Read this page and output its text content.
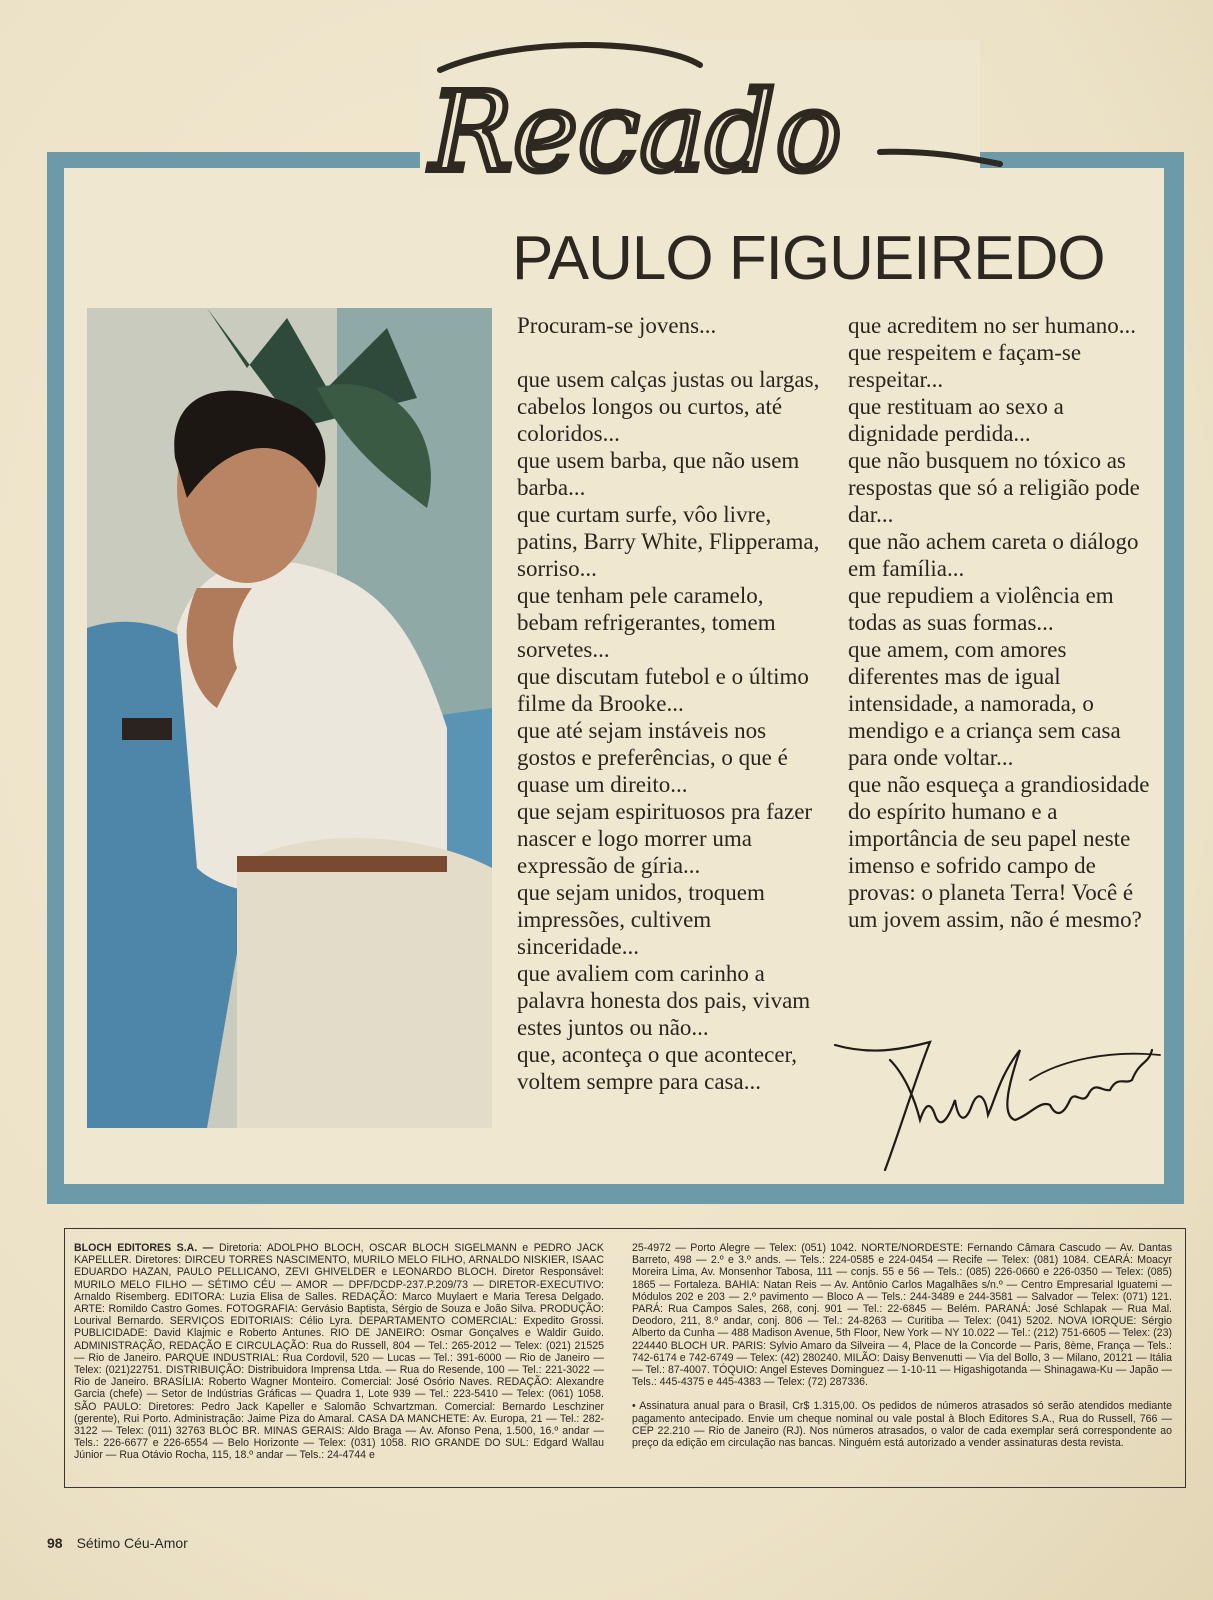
Recado
PAULO FIGUEIREDO

Procuram-se jovens...

que usem calças justas ou largas, cabelos longos ou curtos, até coloridos...

que usem barba, que não usem barba...

que curtam surfe, vôo livre, patins, Barry White, Flipperama, sorriso...

que tenham pele caramelo, bebam refrigerantes, tomem sorvetes...

que discutam futebol e o último filme da Brooke...

que até sejam instáveis nos gostos e preferências, o que é quase um direito...

que sejam espirituosos pra fazer nascer e logo morrer uma expressão de gíria...

que sejam unidos, troquem impressões, cultivem sinceridade...

que avaliem com carinho a palavra honesta dos pais, vivam estes juntos ou não...

que, aconteça o que acontecer, voltem sempre para casa...

que acreditem no ser humano...

que respeitem e façam-se respeitar...

que restituam ao sexo a dignidade perdida...

que não busquem no tóxico as respostas que só a religião pode dar...

que não achem careta o diálogo em família...

que repudiem a violência em todas as suas formas...

que amem, com amores diferentes mas de igual intensidade, a namorada, o mendigo e a criança sem casa para onde voltar...

que não esqueça a grandiosidade do espírito humano e a importância de seu papel neste imenso e sofrido campo de provas: o planeta Terra! Você é um jovem assim, não é mesmo?

BLOCH EDITORES S.A. — Diretoria: ADOLPHO BLOCH, OSCAR BLOCH SIGELMANN e PEDRO JACK KAPELLER. Diretores: DIRCEU TORRES NASCIMENTO, MURILO MELO FILHO, ARNALDO NISKIER, ISAAC EDUARDO HAZAN, PAULO PELLICANO, ZEVI GHIVELDER e LEONARDO BLOCH. Diretor Responsável: MURILO MELO FILHO — SÉTIMO CÉU — AMOR — DPF/DCDP-237.P.209/73 — DIRETOR-EXECUTIVO: Arnaldo Risemberg. EDITORA: Luzia Elisa de Salles. REDAÇÃO: Marco Muylaert e Maria Teresa Delgado. ARTE: Romildo Castro Gomes. FOTOGRAFIA: Gervásio Baptista, Sérgio de Souza e João Silva. PRODUÇÃO: Lourival Bernardo. SERVIÇOS EDITORIAIS: Célio Lyra. DEPARTAMENTO COMERCIAL: Expedito Grossi. PUBLICIDADE: David Klajmic e Roberto Antunes. RIO DE JANEIRO: Osmar Gonçalves e Waldir Guido. ADMINISTRAÇÃO, REDAÇÃO E CIRCULAÇÃO: Rua do Russell, 804 — Tel.: 265-2012 — Telex: (021) 21525 — Rio de Janeiro. PARQUE INDUSTRIAL: Rua Cordovil, 520 — Lucas — Tel.: 391-6000 — Rio de Janeiro — Telex: (021)22751. DISTRIBUIÇÃO: Distribuidora Imprensa Ltda. — Rua do Resende, 100 — Tel.: 221-3022 — Rio de Janeiro. BRASÍLIA: Roberto Wagner Monteiro. Comercial: José Osório Naves. REDAÇÃO: Alexandre Garcia (chefe) — Setor de Indústrias Gráficas — Quadra 1, Lote 939 — Tel.: 223-5410 — Telex: (061) 1058. SÃO PAULO: Diretores: Pedro Jack Kapeller e Salomão Schvartzman. Comercial: Bernardo Leschziner (gerente), Rui Porto. Administração: Jaime Piza do Amaral. CASA DA MANCHETE: Av. Europa, 21 — Tel.: 282-3122 — Telex: (011) 32763 BLOC BR. MINAS GERAIS: Aldo Braga — Av. Afonso Pena, 1.500, 16.º andar — Tels.: 226-6677 e 226-6554 — Belo Horizonte — Telex: (031) 1058. RIO GRANDE DO SUL: Edgard Wallau Júnior — Rua Otávio Rocha, 115, 18.º andar — Tels.: 24-4744 e

25-4972 — Porto Alegre — Telex: (051) 1042. NORTE/NORDESTE: Fernando Câmara Cascudo — Av. Dantas Barreto, 498 — 2.º e 3.º ands. — Tels.: 224-0585 e 224-0454 — Recife — Telex: (081) 1084. CEARÁ: Moacyr Moreira Lima, Av. Monsenhor Tabosa, 111 — conjs. 55 e 56 — Tels.: (085) 226-0660 e 226-0350 — Telex: (085) 1865 — Fortaleza. BAHIA: Natan Reis — Av. Antônio Carlos Magalhães s/n.º — Centro Empresarial Iguatemi — Módulos 202 e 203 — 2.º pavimento — Bloco A — Tels.: 244-3489 e 244-3581 — Salvador — Telex: (071) 121. PARÁ: Rua Campos Sales, 268, conj. 901 — Tel.: 22-6845 — Belém. PARANÁ: José Schlapak — Rua Mal. Deodoro, 211, 8.º andar, conj. 806 — Tel.: 24-8263 — Curitiba — Telex: (041) 5202. NOVA IORQUE: Sérgio Alberto da Cunha — 488 Madison Avenue, 5th Floor, New York — NY 10.022 — Tel.: (212) 751-6605 — Telex: (23) 224440 BLOCH UR. PARIS: Sylvio Amaro da Silveira — 4, Place de la Concorde — Paris, 8ème, França — Tels.: 742-6174 e 742-6749 — Telex: (42) 280240. MILÃO: Daisy Benvenutti — Via del Bollo, 3 — Milano, 20121 — Itália — Tel.: 87-4007. TÓQUIO: Angel Esteves Dominguez — 1-10-11 — Higashigotanda — Shinagawa-Ku — Japão — Tels.: 445-4375 e 445-4383 — Telex: (72) 287336.

• Assinatura anual para o Brasil, Cr$ 1.315,00. Os pedidos de números atrasados só serão atendidos mediante pagamento antecipado. Envie um cheque nominal ou vale postal à Bloch Editores S.A., Rua do Russell, 766 — CEP 22.210 — Rio de Janeiro (RJ). Nos números atrasados, o valor de cada exemplar será correspondente ao preço da edição em circulação nas bancas. Ninguém está autorizado a vender assinaturas desta revista.

98 Sétimo Céu-Amor
